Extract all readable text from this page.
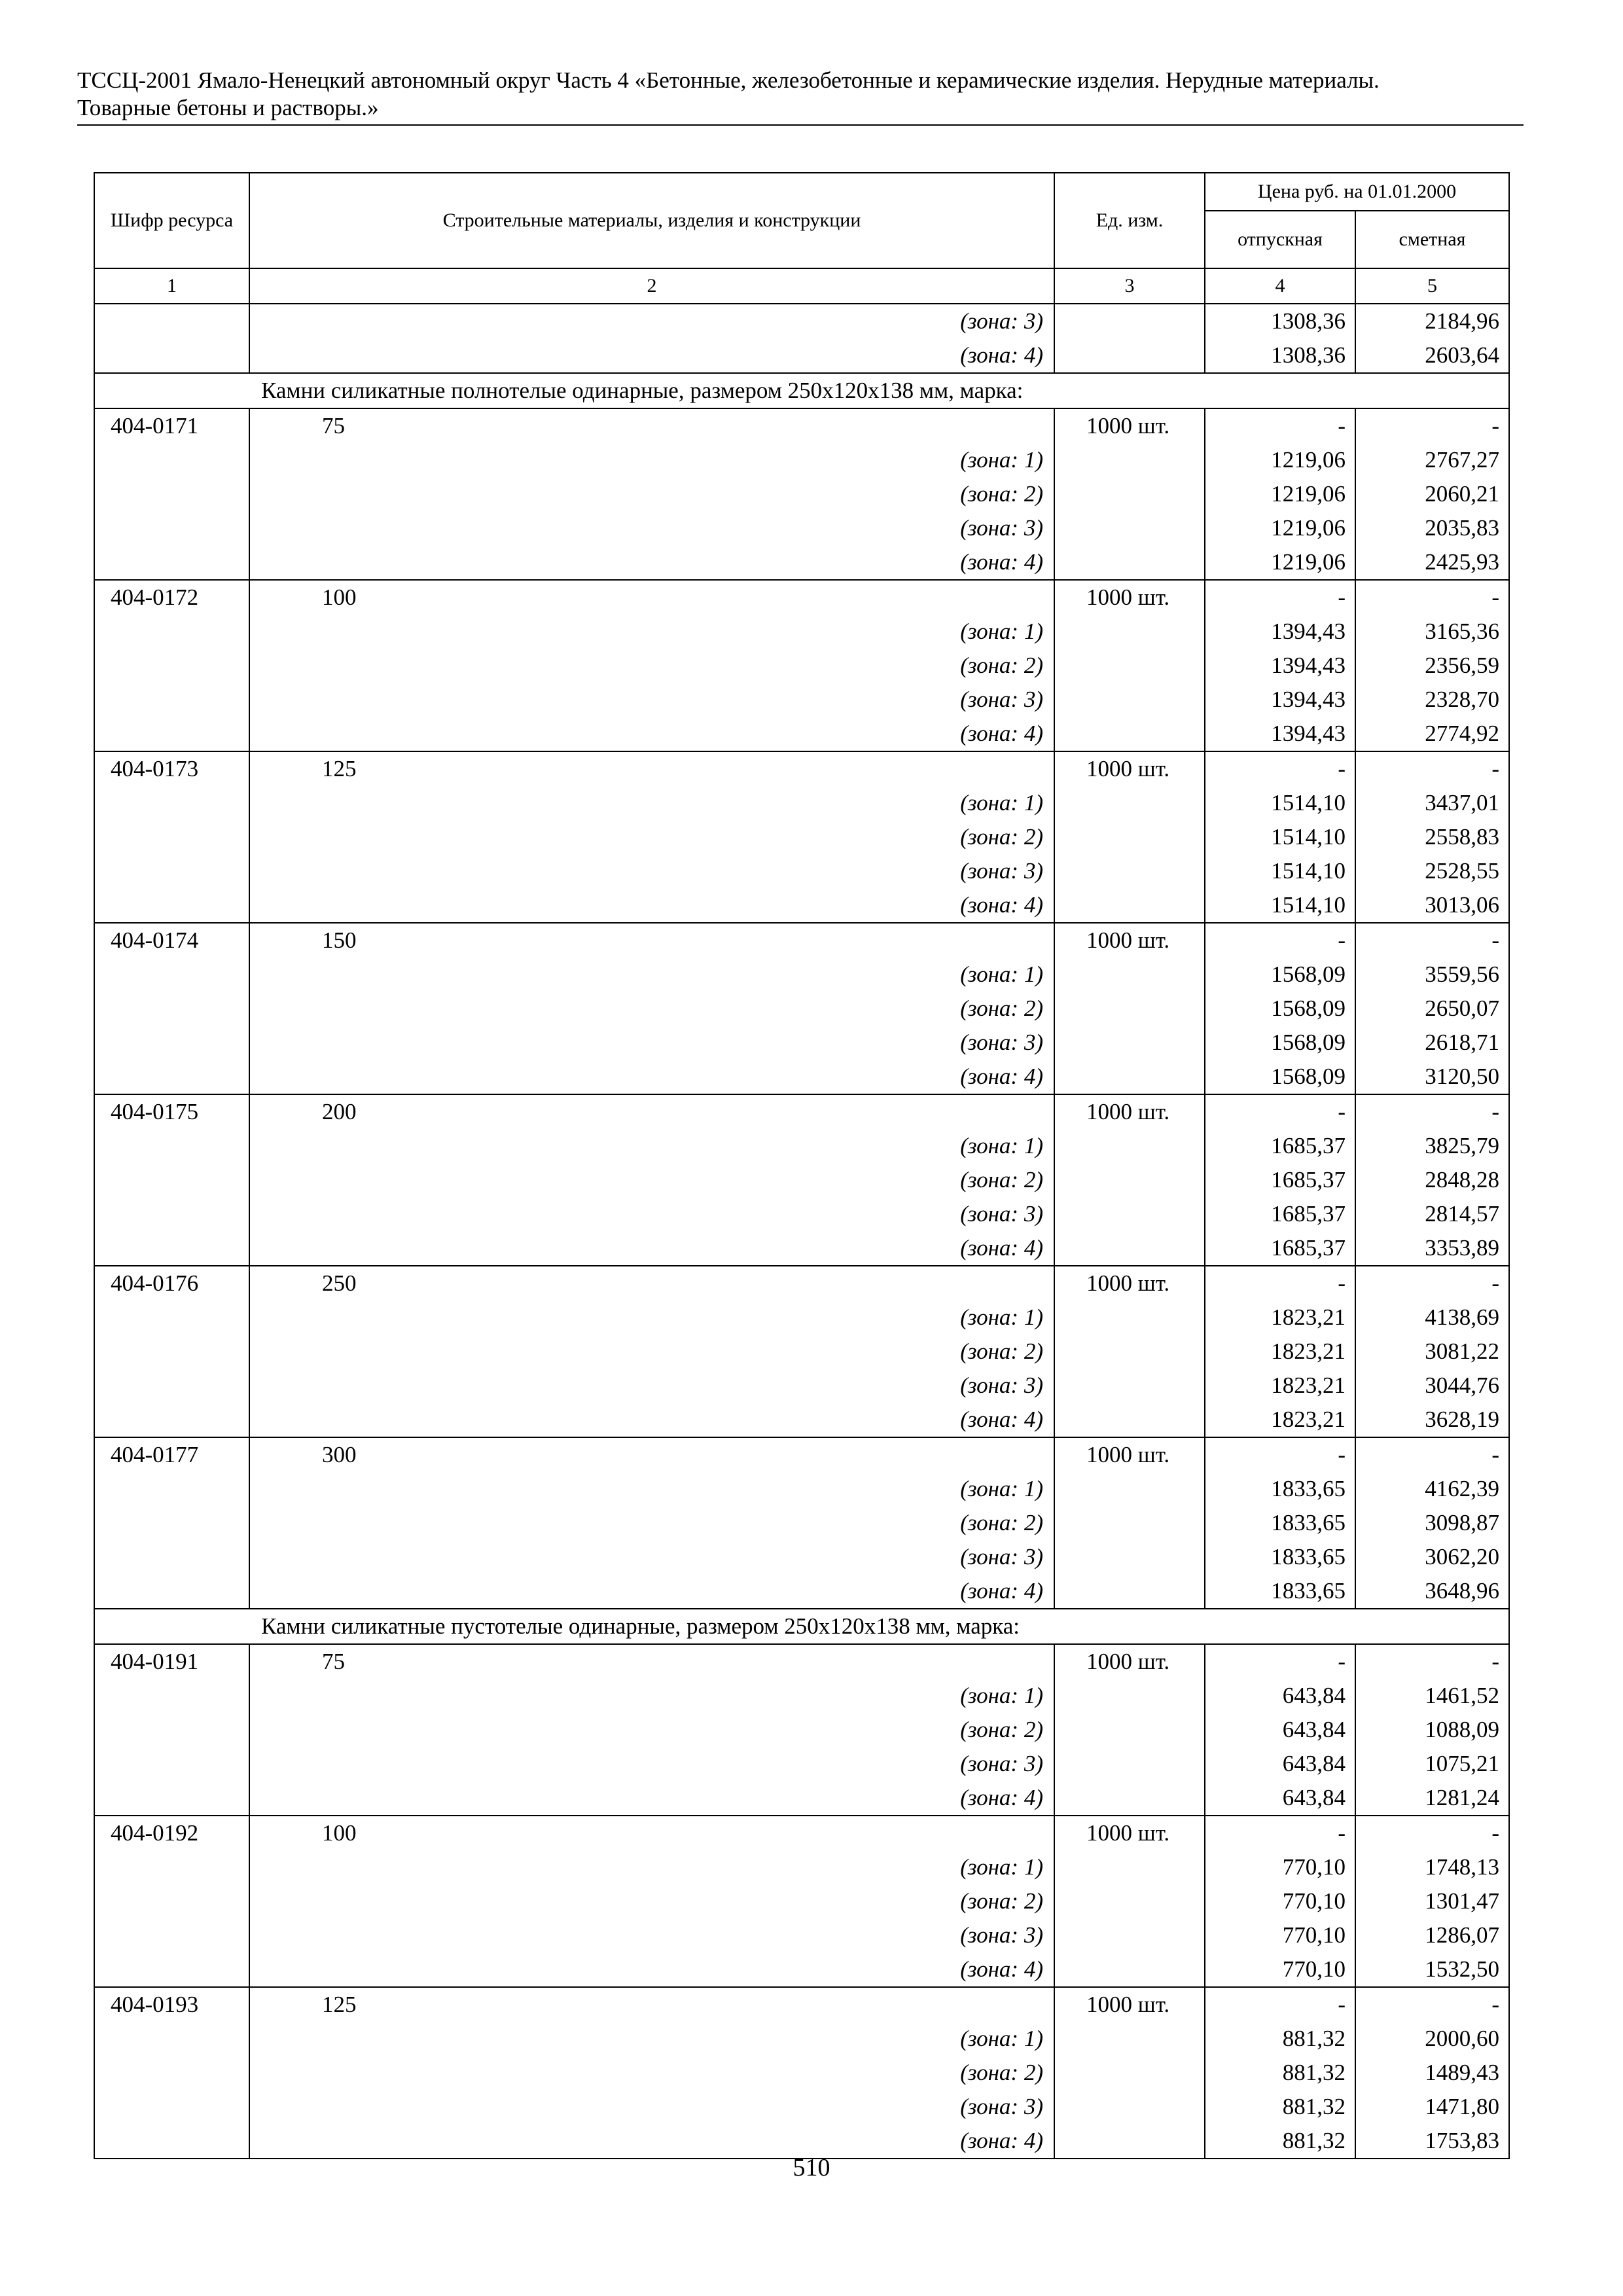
ТССЦ-2001 Ямало-Ненецкий автономный округ Часть 4 «Бетонные, железобетонные и керамические изделия. Нерудные материалы.
Товарные бетоны и растворы.»
Шифр ресурса	Строительные материалы, изделия и конструкции	Ед. изм.	Цена руб. на 01.01.2000	
			отпускная	сметная
1	2	3	4	5
	(зона: 3)		1308,36	2184,96
	(зона: 4)		1308,36	2603,64
Камни силикатные полнотелые одинарные, размером 250х120х138 мм, марка:				
404-0171	75	1000 шт.	-	-
	(зона: 1)		1219,06	2767,27
	(зона: 2)		1219,06	2060,21
	(зона: 3)		1219,06	2035,83
	(зона: 4)		1219,06	2425,93
404-0172	100	1000 шт.	-	-
	(зона: 1)		1394,43	3165,36
	(зона: 2)		1394,43	2356,59
	(зона: 3)		1394,43	2328,70
	(зона: 4)		1394,43	2774,92
404-0173	125	1000 шт.	-	-
	(зона: 1)		1514,10	3437,01
	(зона: 2)		1514,10	2558,83
	(зона: 3)		1514,10	2528,55
	(зона: 4)		1514,10	3013,06
404-0174	150	1000 шт.	-	-
	(зона: 1)		1568,09	3559,56
	(зона: 2)		1568,09	2650,07
	(зона: 3)		1568,09	2618,71
	(зона: 4)		1568,09	3120,50
404-0175	200	1000 шт.	-	-
	(зона: 1)		1685,37	3825,79
	(зона: 2)		1685,37	2848,28
	(зона: 3)		1685,37	2814,57
	(зона: 4)		1685,37	3353,89
404-0176	250	1000 шт.	-	-
	(зона: 1)		1823,21	4138,69
	(зона: 2)		1823,21	3081,22
	(зона: 3)		1823,21	3044,76
	(зона: 4)		1823,21	3628,19
404-0177	300	1000 шт.	-	-
	(зона: 1)		1833,65	4162,39
	(зона: 2)		1833,65	3098,87
	(зона: 3)		1833,65	3062,20
	(зона: 4)		1833,65	3648,96
Камни силикатные пустотелые одинарные, размером 250х120х138 мм, марка:				
404-0191	75	1000 шт.	-	-
	(зона: 1)		643,84	1461,52
	(зона: 2)		643,84	1088,09
	(зона: 3)		643,84	1075,21
	(зона: 4)		643,84	1281,24
404-0192	100	1000 шт.	-	-
	(зона: 1)		770,10	1748,13
	(зона: 2)		770,10	1301,47
	(зона: 3)		770,10	1286,07
	(зона: 4)		770,10	1532,50
404-0193	125	1000 шт.	-	-
	(зона: 1)		881,32	2000,60
	(зона: 2)		881,32	1489,43
	(зона: 3)		881,32	1471,80
	(зона: 4)		881,32	1753,83
510
